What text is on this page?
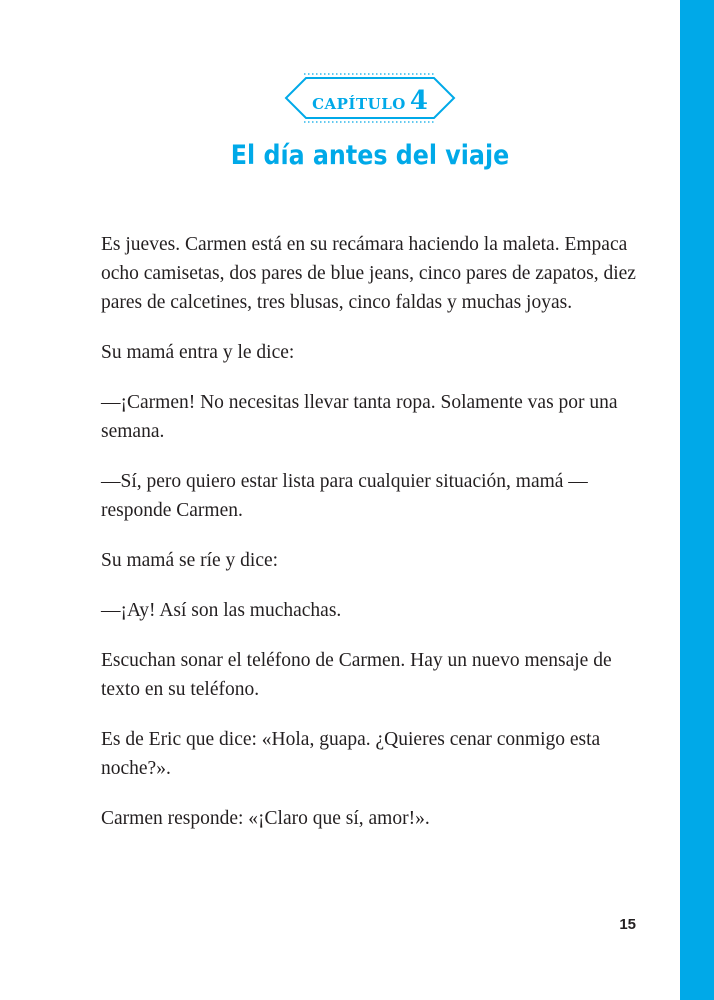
CAPÍTULO 4
El día antes del viaje

Es jueves. Carmen está en su recámara haciendo la maleta. Empaca ocho camisetas, dos pares de blue jeans, cinco pares de zapatos, diez pares de calcetines, tres blusas, cinco faldas y muchas joyas.

Su mamá entra y le dice:

—¡Carmen! No necesitas llevar tanta ropa. Solamente vas por una semana.

—Sí, pero quiero estar lista para cualquier situación, mamá —responde Carmen.

Su mamá se ríe y dice:

—¡Ay! Así son las muchachas.

Escuchan sonar el teléfono de Carmen. Hay un nuevo mensaje de texto en su teléfono.

Es de Eric que dice: «Hola, guapa. ¿Quieres cenar conmigo esta noche?».

Carmen responde: «¡Claro que sí, amor!».

15
